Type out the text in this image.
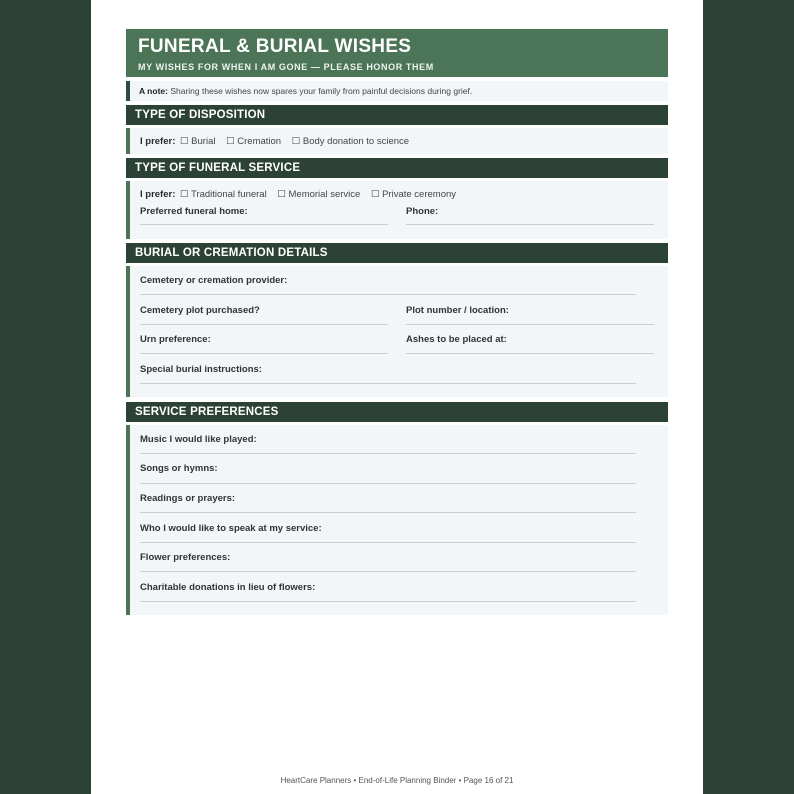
FUNERAL & BURIAL WISHES
MY WISHES FOR WHEN I AM GONE — PLEASE HONOR THEM
A note: Sharing these wishes now spares your family from painful decisions during grief.
TYPE OF DISPOSITION
I prefer: ☐ Burial ☐ Cremation ☐ Body donation to science
TYPE OF FUNERAL SERVICE
I prefer: ☐ Traditional funeral ☐ Memorial service ☐ Private ceremony
Preferred funeral home:	Phone:
BURIAL OR CREMATION DETAILS
Cemetery or cremation provider:
Cemetery plot purchased?	Plot number / location:
Urn preference:	Ashes to be placed at:
Special burial instructions:
SERVICE PREFERENCES
Music I would like played:
Songs or hymns:
Readings or prayers:
Who I would like to speak at my service:
Flower preferences:
Charitable donations in lieu of flowers:
HeartCare Planners • End-of-Life Planning Binder • Page 16 of 21
